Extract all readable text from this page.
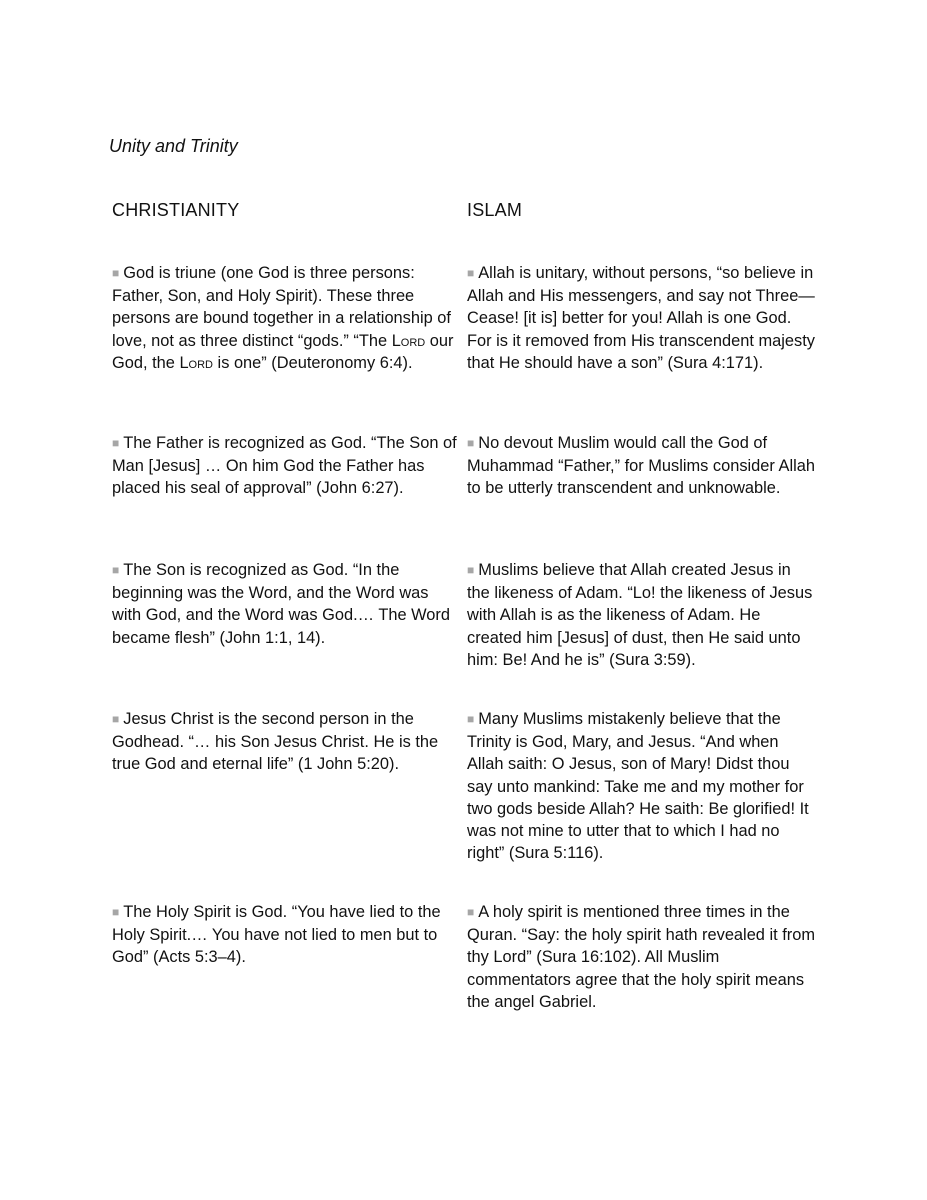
Unity and Trinity
CHRISTIANITY	ISLAM
■ God is triune (one God is three persons: Father, Son, and Holy Spirit). These three persons are bound together in a relationship of love, not as three distinct “gods.” “The Lord our God, the Lord is one” (Deuteronomy 6:4).
■ Allah is unitary, without persons, “so believe in Allah and His messengers, and say not Three—Cease! [it is] better for you! Allah is one God. For is it removed from His transcendent majesty that He should have a son” (Sura 4:171).
■ The Father is recognized as God. “The Son of Man [Jesus] … On him God the Father has placed his seal of approval” (John 6:27).
■ No devout Muslim would call the God of Muhammad “Father,” for Muslims consider Allah to be utterly transcendent and unknowable.
■ The Son is recognized as God. “In the beginning was the Word, and the Word was with God, and the Word was God.… The Word became flesh” (John 1:1, 14).
■ Muslims believe that Allah created Jesus in the likeness of Adam. “Lo! the likeness of Jesus with Allah is as the likeness of Adam. He created him [Jesus] of dust, then He said unto him: Be! And he is” (Sura 3:59).
■ Jesus Christ is the second person in the Godhead. “… his Son Jesus Christ. He is the true God and eternal life” (1 John 5:20).
■ Many Muslims mistakenly believe that the Trinity is God, Mary, and Jesus. “And when Allah saith: O Jesus, son of Mary! Didst thou say unto mankind: Take me and my mother for two gods beside Allah? He saith: Be glorified! It was not mine to utter that to which I had no right” (Sura 5:116).
■ The Holy Spirit is God. “You have lied to the Holy Spirit.… You have not lied to men but to God” (Acts 5:3–4).
■ A holy spirit is mentioned three times in the Quran. “Say: the holy spirit hath revealed it from thy Lord” (Sura 16:102). All Muslim commentators agree that the holy spirit means the angel Gabriel.
